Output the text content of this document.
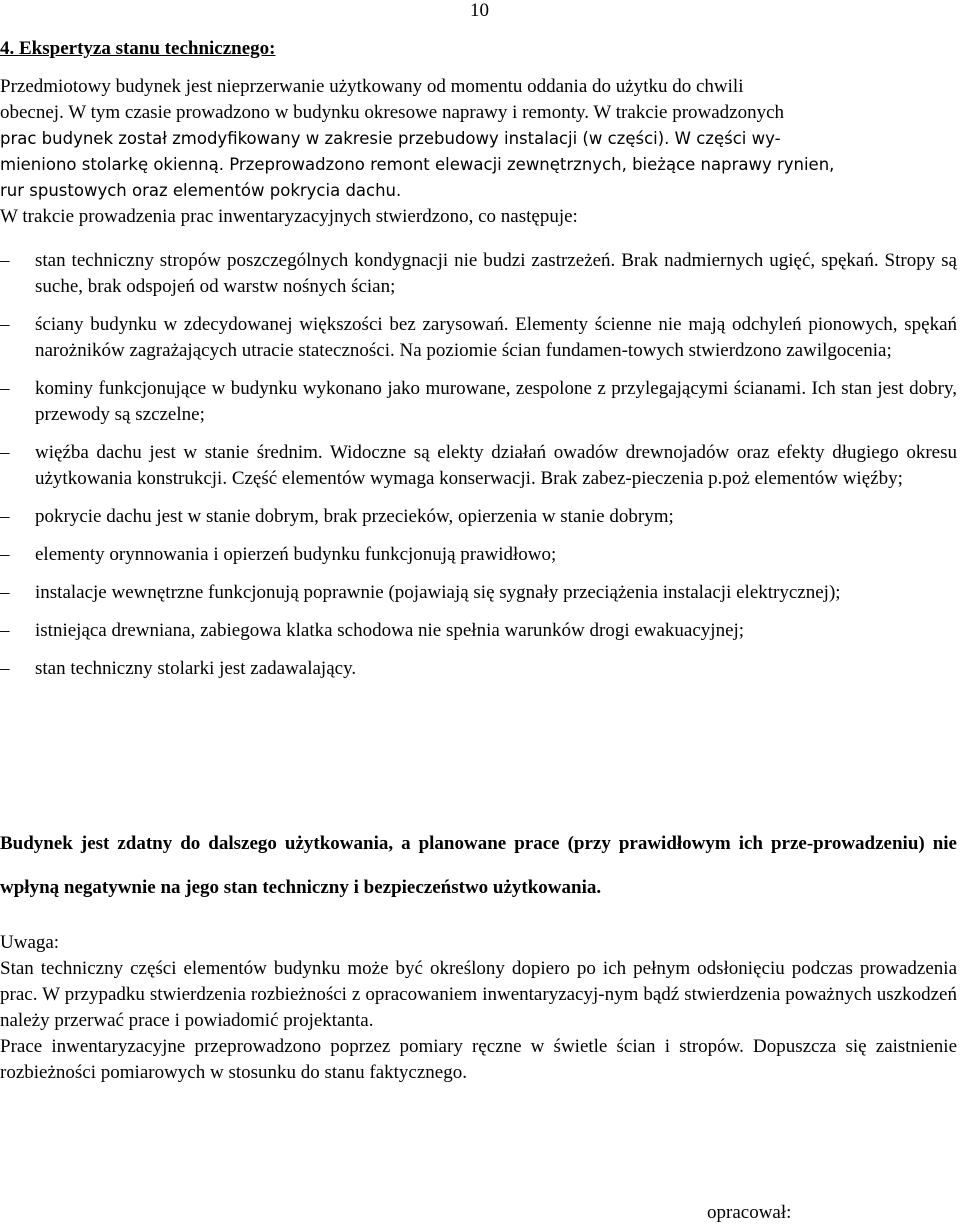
10
4. Ekspertyza stanu technicznego:
Przedmiotowy budynek jest nieprzerwanie użytkowany od momentu oddania do użytku do chwili
obecnej. W tym czasie prowadzono w budynku okresowe naprawy i remonty. W trakcie prowadzonych
prac budynek został zmodyfikowany w zakresie przebudowy instalacji (w części). W części wy-
mieniono stolarkę okienną. Przeprowadzono remont elewacji zewnętrznych, bieżące naprawy rynien,
rur spustowych oraz elementów pokrycia dachu.
W trakcie prowadzenia prac inwentaryzacyjnych stwierdzono, co następuje:
– stan techniczny stropów poszczególnych kondygnacji nie budzi zastrzeżeń. Brak nadmiernych ugięć, spękań. Stropy są suche, brak odspojeń od warstw nośnych ścian;
– ściany budynku w zdecydowanej większości bez zarysowań. Elementy ścienne nie mają odchyleń pionowych, spękań narożników zagrażających utracie stateczności. Na poziomie ścian fundamen-towych stwierdzono zawilgocenia;
– kominy funkcjonujące w budynku wykonano jako murowane, zespolone z przylegającymi ścianami. Ich stan jest dobry, przewody są szczelne;
– więźba dachu jest w stanie średnim. Widoczne są elekty działań owadów drewnojadów oraz efekty długiego okresu użytkowania konstrukcji. Część elementów wymaga konserwacji. Brak zabez-pieczenia p.poż elementów więźby;
– pokrycie dachu jest w stanie dobrym, brak przecieków, opierzenia w stanie dobrym;
– elementy orynnowania i opierzeń budynku funkcjonują prawidłowo;
– instalacje wewnętrzne funkcjonują poprawnie (pojawiają się sygnały przeciążenia instalacji elektrycznej);
– istniejąca drewniana, zabiegowa klatka schodowa nie spełnia warunków drogi ewakuacyjnej;
– stan techniczny stolarki jest zadawalający.
Budynek jest zdatny do dalszego użytkowania, a planowane prace (przy prawidłowym ich prze-prowadzeniu) nie wpłyną negatywnie na jego stan techniczny i bezpieczeństwo użytkowania.
Uwaga:
Stan techniczny części elementów budynku może być określony dopiero po ich pełnym odsłonięciu podczas prowadzenia prac. W przypadku stwierdzenia rozbieżności z opracowaniem inwentaryzacyj-nym bądź stwierdzenia poważnych uszkodzeń należy przerwać prace i powiadomić projektanta.
Prace inwentaryzacyjne przeprowadzono poprzez pomiary ręczne w świetle ścian i stropów. Dopuszcza się zaistnienie rozbieżności pomiarowych w stosunku do stanu faktycznego.
opracował:
